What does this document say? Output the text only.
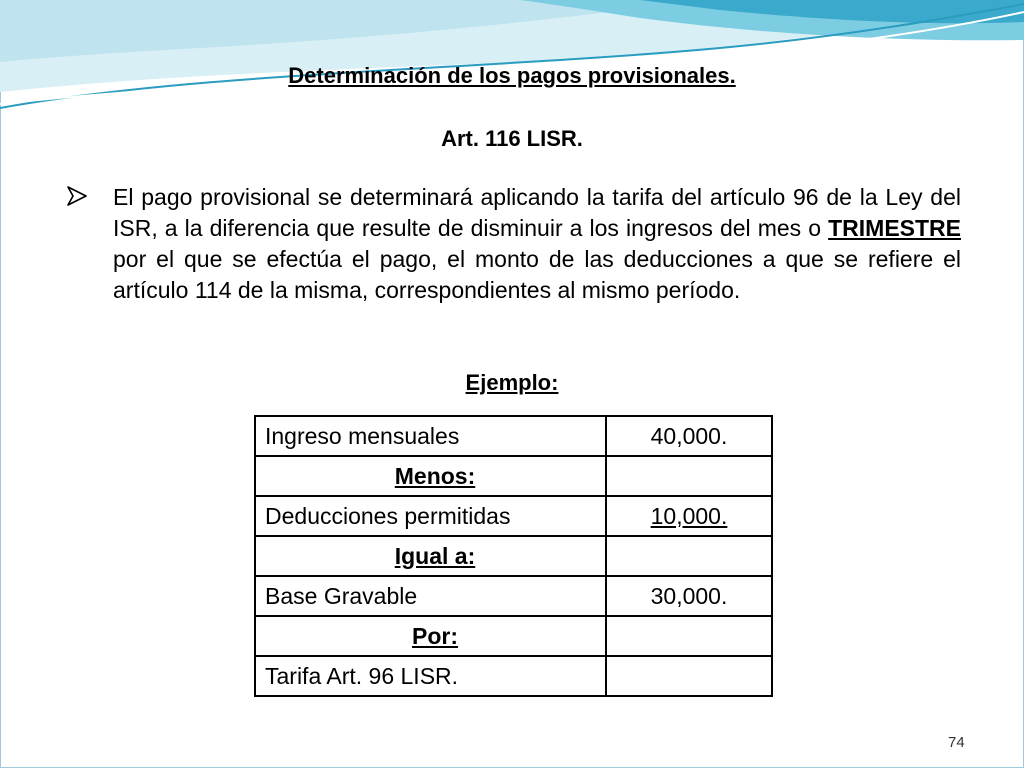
Determinación de los pagos provisionales.
Art. 116 LISR.
El pago provisional se determinará aplicando la tarifa del artículo 96 de la Ley del ISR, a la diferencia que resulte de disminuir a los ingresos del mes o TRIMESTRE por el que se efectúa el pago, el monto de las deducciones a que se refiere el artículo 114 de la misma, correspondientes al mismo período.
Ejemplo:
Ingreso mensuales	40,000.
Menos:	
Deducciones permitidas	10,000.
Igual a:	
Base Gravable	30,000.
Por:	
Tarifa Art. 96 LISR.	
74
